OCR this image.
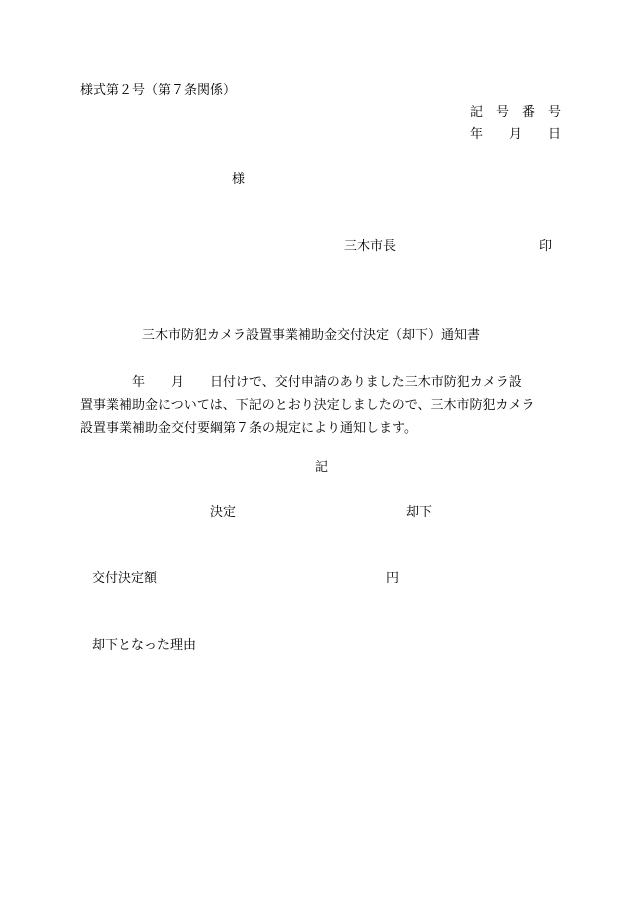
様式第２号（第７条関係）
記　号　番　号
年　　月　　日
様
三木市長	印
三木市防犯カメラ設置事業補助金交付決定（却下）通知書
　　　　年　　月　　日付けで、交付申請のありました三木市防犯カメラ設
置事業補助金については、下記のとおり決定しましたので、三木市防犯カメラ
設置事業補助金交付要綱第７条の規定により通知します。
記
決定	却下
交付決定額	円
却下となった理由
